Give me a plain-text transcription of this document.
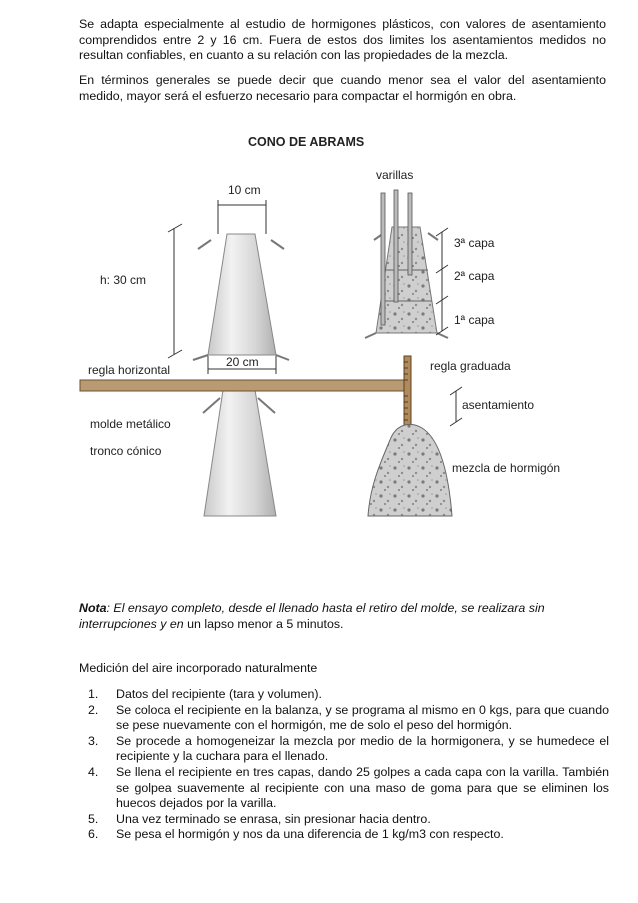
Se adapta especialmente al estudio de hormigones plásticos, con valores de asentamiento comprendidos entre 2 y 16 cm. Fuera de estos dos limites los asentamientos medidos no resultan confiables, en cuanto a su relación con las propiedades de la mezcla.

En términos generales se puede decir que cuando menor sea el valor del asentamiento medido, mayor será el esfuerzo necesario para compactar el hormigón en obra.

CONO DE ABRAMS
10 cm
h: 30 cm
20 cm
varillas
3ª capa
2ª capa
1ª capa
regla horizontal	regla graduada
asentamiento
molde metálico
tronco cónico
mezcla de hormigón

Nota: El ensayo completo, desde el llenado hasta el retiro del molde, se realizara sin interrupciones y en un lapso menor a 5 minutos.

Medición del aire incorporado naturalmente

1. Datos del recipiente (tara y volumen).
2. Se coloca el recipiente en la balanza, y se programa al mismo en 0 kgs, para que cuando se pese nuevamente con el hormigón, me de solo el peso del hormigón.
3. Se procede a homogeneizar la mezcla por medio de la hormigonera, y se humedece el recipiente y la cuchara para el llenado.
4. Se llena el recipiente en tres capas, dando 25 golpes a cada capa con la varilla. También se golpea suavemente al recipiente con una maso de goma para que se eliminen los huecos dejados por la varilla.
5. Una vez terminado se enrasa, sin presionar hacia dentro.
6. Se pesa el hormigón y nos da una diferencia de 1 kg/m3 con respecto.
